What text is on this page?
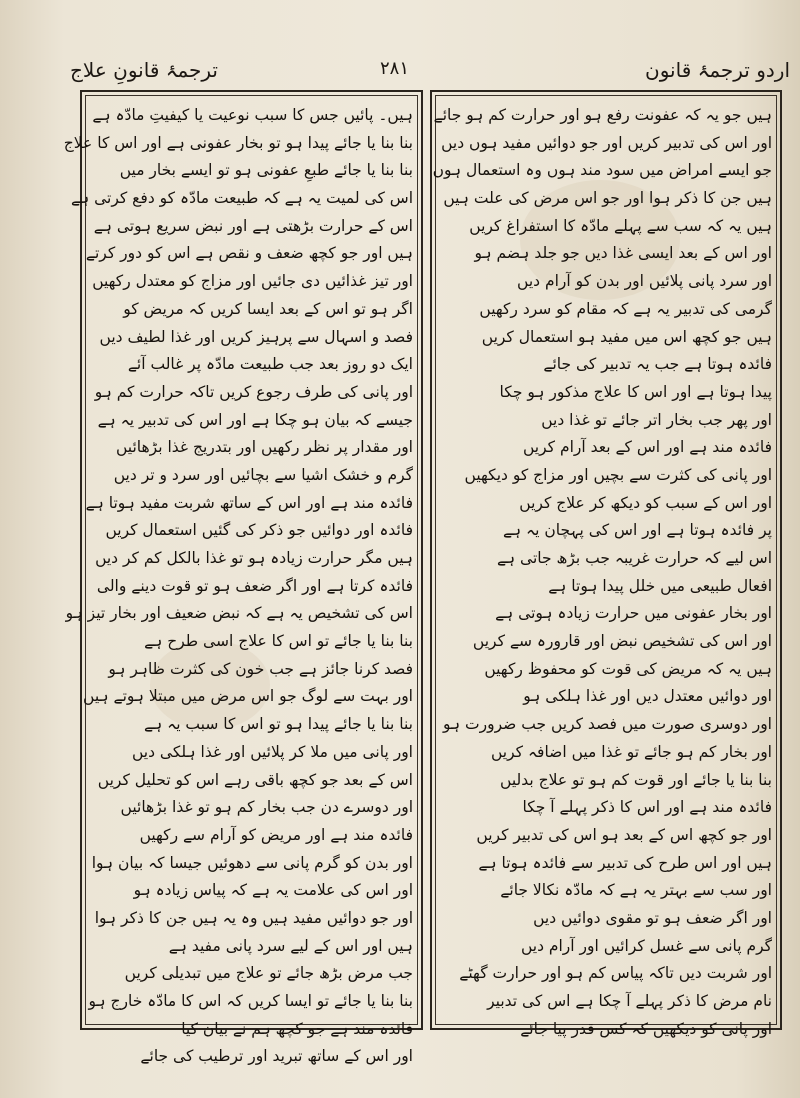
اردو ترجمۂ قانون
۲۸۱
ترجمۂ قانونِ علاج
ہیں جو یہ کہ عفونت رفع ہو اور حرارت کم ہو جائے
اور اس کی تدبیر کریں اور جو دوائیں مفید ہوں دیں
جو ایسے امراض میں سود مند ہوں وہ استعمال ہوں
ہیں جن کا ذکر ہوا اور جو اس مرض کی علت ہیں
ہیں یہ کہ سب سے پہلے مادّہ کا استفراغ کریں
اور اس کے بعد ایسی غذا دیں جو جلد ہضم ہو
اور سرد پانی پلائیں اور بدن کو آرام دیں
گرمی کی تدبیر یہ ہے کہ مقام کو سرد رکھیں
ہیں جو کچھ اس میں مفید ہو استعمال کریں
فائدہ ہوتا ہے جب یہ تدبیر کی جائے
پیدا ہوتا ہے اور اس کا علاج مذکور ہو چکا
اور پھر جب بخار اتر جائے تو غذا دیں
فائدہ مند ہے اور اس کے بعد آرام کریں
اور پانی کی کثرت سے بچیں اور مزاج کو دیکھیں
اور اس کے سبب کو دیکھ کر علاج کریں
پر فائدہ ہوتا ہے اور اس کی پہچان یہ ہے
اس لیے کہ حرارت غریبہ جب بڑھ جاتی ہے
افعال طبیعی میں خلل پیدا ہوتا ہے
اور بخار عفونی میں حرارت زیادہ ہوتی ہے
اور اس کی تشخیص نبض اور قارورہ سے کریں
ہیں یہ کہ مریض کی قوت کو محفوظ رکھیں
اور دوائیں معتدل دیں اور غذا ہلکی ہو
اور دوسری صورت میں فصد کریں جب ضرورت ہو
اور بخار کم ہو جائے تو غذا میں اضافہ کریں
بنا بنا یا جائے اور قوت کم ہو تو علاج بدلیں
فائدہ مند ہے اور اس کا ذکر پہلے آ چکا
اور جو کچھ اس کے بعد ہو اس کی تدبیر کریں
ہیں اور اس طرح کی تدبیر سے فائدہ ہوتا ہے
اور سب سے بہتر یہ ہے کہ مادّہ نکالا جائے
اور اگر ضعف ہو تو مقوی دوائیں دیں
گرم پانی سے غسل کرائیں اور آرام دیں
اور شربت دیں تاکہ پیاس کم ہو اور حرارت گھٹے
نام مرض کا ذکر پہلے آ چکا ہے اس کی تدبیر
اور پانی کو دیکھیں کہ کس قدر پیا جائے
ہیں۔ پائیں جس کا سبب نوعیت یا کیفیتِ مادّہ ہے
بنا بنا یا جائے پیدا ہو تو بخار عفونی ہے اور اس کا علاج
بنا بنا یا جائے طبعِ عفونی ہو تو ایسے بخار میں
اس کی لمیت یہ ہے کہ طبیعت مادّہ کو دفع کرتی ہے
اس کے حرارت بڑھتی ہے اور نبض سریع ہوتی ہے
ہیں اور جو کچھ ضعف و نقص ہے اس کو دور کرتے
اور تیز غذائیں دی جائیں اور مزاج کو معتدل رکھیں
اگر ہو تو اس کے بعد ایسا کریں کہ مریض کو
فصد و اسہال سے پرہیز کریں اور غذا لطیف دیں
ایک دو روز بعد جب طبیعت مادّہ پر غالب آئے
اور پانی کی طرف رجوع کریں تاکہ حرارت کم ہو
جیسے کہ بیان ہو چکا ہے اور اس کی تدبیر یہ ہے
اور مقدار پر نظر رکھیں اور بتدریج غذا بڑھائیں
گرم و خشک اشیا سے بچائیں اور سرد و تر دیں
فائدہ مند ہے اور اس کے ساتھ شربت مفید ہوتا ہے
فائدہ اور دوائیں جو ذکر کی گئیں استعمال کریں
ہیں مگر حرارت زیادہ ہو تو غذا بالکل کم کر دیں
فائدہ کرتا ہے اور اگر ضعف ہو تو قوت دینے والی
اس کی تشخیص یہ ہے کہ نبض ضعیف اور بخار تیز ہو
بنا بنا یا جائے تو اس کا علاج اسی طرح ہے
فصد کرنا جائز ہے جب خون کی کثرت ظاہر ہو
اور بہت سے لوگ جو اس مرض میں مبتلا ہوتے ہیں
بنا بنا یا جائے پیدا ہو تو اس کا سبب یہ ہے
اور پانی میں ملا کر پلائیں اور غذا ہلکی دیں
اس کے بعد جو کچھ باقی رہے اس کو تحلیل کریں
اور دوسرے دن جب بخار کم ہو تو غذا بڑھائیں
فائدہ مند ہے اور مریض کو آرام سے رکھیں
اور بدن کو گرم پانی سے دھوئیں جیسا کہ بیان ہوا
اور اس کی علامت یہ ہے کہ پیاس زیادہ ہو
اور جو دوائیں مفید ہیں وہ یہ ہیں جن کا ذکر ہوا
ہیں اور اس کے لیے سرد پانی مفید ہے
جب مرض بڑھ جائے تو علاج میں تبدیلی کریں
بنا بنا یا جائے تو ایسا کریں کہ اس کا مادّہ خارج ہو
فائدہ مند ہے جو کچھ ہم نے بیان کیا
اور اس کے ساتھ تبرید اور ترطیب کی جائے
